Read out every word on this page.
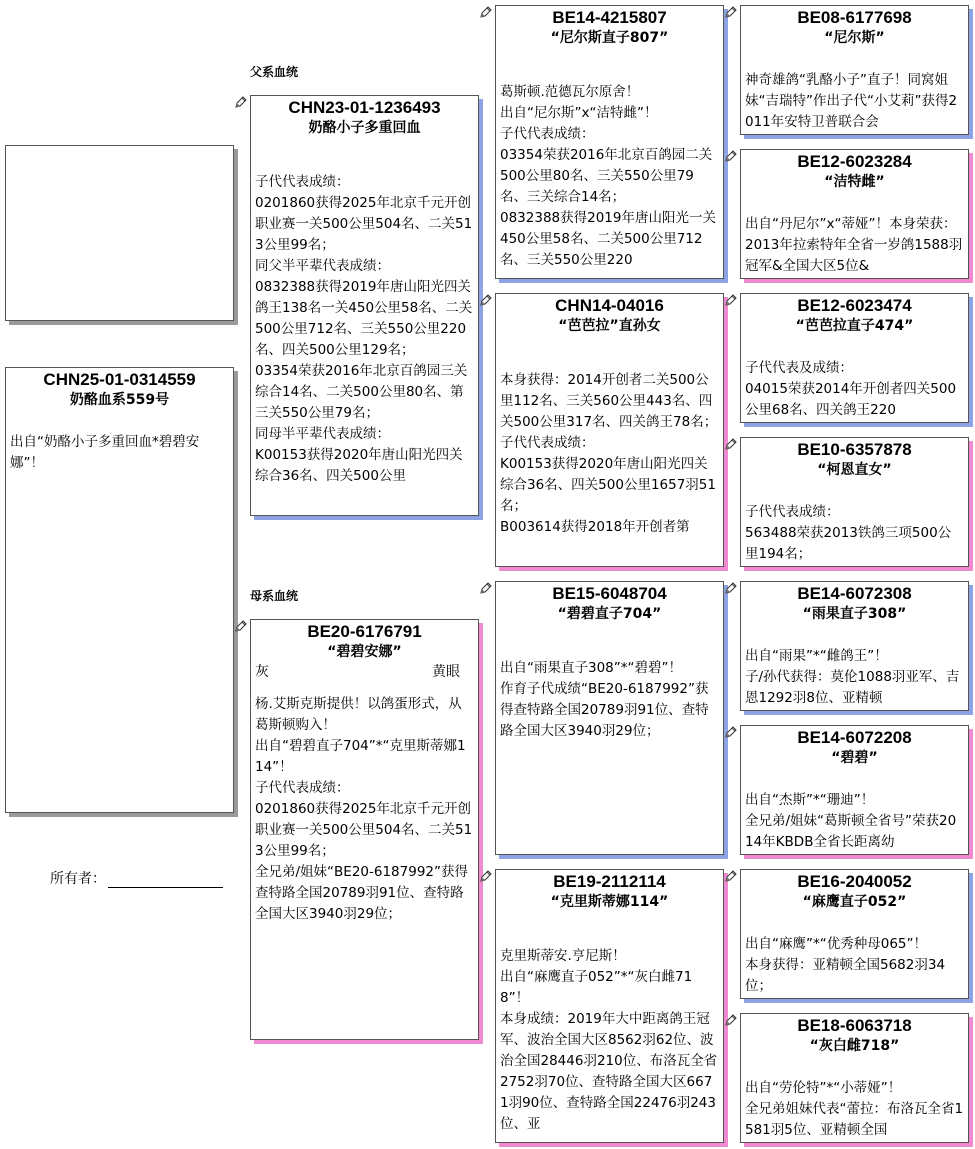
CHN25-01-0314559
奶酪血系559号
出自“奶酪小子多重回血*碧碧安娜”！
所有者：
父系血统
母系血统
CHN23-01-1236493
奶酪小子多重回血
子代代表成绩：
0201860获得2025年北京千元开创职业赛一关500公里504名、二关513公里99名；
同父半平辈代表成绩：
0832388获得2019年唐山阳光四关鸽王138名一关450公里58名、二关500公里712名、三关550公里220名、四关500公里129名；
03354荣获2016年北京百鸽园三关综合14名、二关500公里80名、第三关550公里79名；
同母半平辈代表成绩：
K00153获得2020年唐山阳光四关综合36名、四关500公里
BE20-6176791
“碧碧安娜”
灰	黄眼
杨.艾斯克斯提供！以鸽蛋形式，从葛斯顿购入！
出自“碧碧直子704”*“克里斯蒂娜114”！
子代代表成绩：
0201860获得2025年北京千元开创职业赛一关500公里504名、二关513公里99名；
全兄弟/姐妹“BE20-6187992”获得查特路全国20789羽91位、查特路全国大区3940羽29位；
BE14-4215807
“尼尔斯直子807”
葛斯顿.范德瓦尔原舍！
出自“尼尔斯”x“洁特雌”！
子代代表成绩：
03354荣获2016年北京百鸽园二关500公里80名、三关550公里79名、三关综合14名；
0832388获得2019年唐山阳光一关450公里58名、二关500公里712名、三关550公里220
CHN14-04016
“芭芭拉”直孙女
本身获得：2014开创者二关500公里112名、三关560公里443名、四关500公里317名、四关鸽王78名；
子代代表成绩：
K00153获得2020年唐山阳光四关综合36名、四关500公里1657羽51名；
B003614获得2018年开创者第
BE15-6048704
“碧碧直子704”
出自“雨果直子308”*“碧碧”！
作育子代成绩“BE20-6187992”获得查特路全国20789羽91位、查特路全国大区3940羽29位；
BE19-2112114
“克里斯蒂娜114”
克里斯蒂安.亨尼斯！
出自“麻鹰直子052”*“灰白雌718”！
本身成绩：2019年大中距离鸽王冠军、波治全国大区8562羽62位、波治全国28446羽210位、布洛瓦全省2752羽70位、查特路全国大区6671羽90位、查特路全国22476羽243位、亚
BE08-6177698
“尼尔斯”
神奇雄鸽“乳酪小子”直子！同窝姐妹“吉瑞特”作出子代“小艾莉”获得2011年安特卫普联合会
BE12-6023284
“洁特雌”
出自“丹尼尔”x“蒂娅”！本身荣获：2013年拉索特年全省一岁鸽1588羽冠军&全国大区5位&
BE12-6023474
“芭芭拉直子474”
子代代表及成绩：
04015荣获2014年开创者四关500公里68名、四关鸽王220
BE10-6357878
“柯恩直女”
子代代表成绩：
563488荣获2013铁鸽三项500公里194名；
BE14-6072308
“雨果直子308”
出自“雨果”*“雌鸽王”！
子/孙代获得：莫伦1088羽亚军、吉恩1292羽8位、亚精顿
BE14-6072208
“碧碧”
出自“杰斯”*“珊迪”！
全兄弟/姐妹“葛斯顿全省号”荣获2014年KBDB全省长距离幼
BE16-2040052
“麻鹰直子052”
出自“麻鹰”*“优秀种母065”！
本身获得：亚精顿全国5682羽34位；
BE18-6063718
“灰白雌718”
出自“劳伦特”*“小蒂娅”！
全兄弟姐妹代表“蕾拉：布洛瓦全省1581羽5位、亚精顿全国
